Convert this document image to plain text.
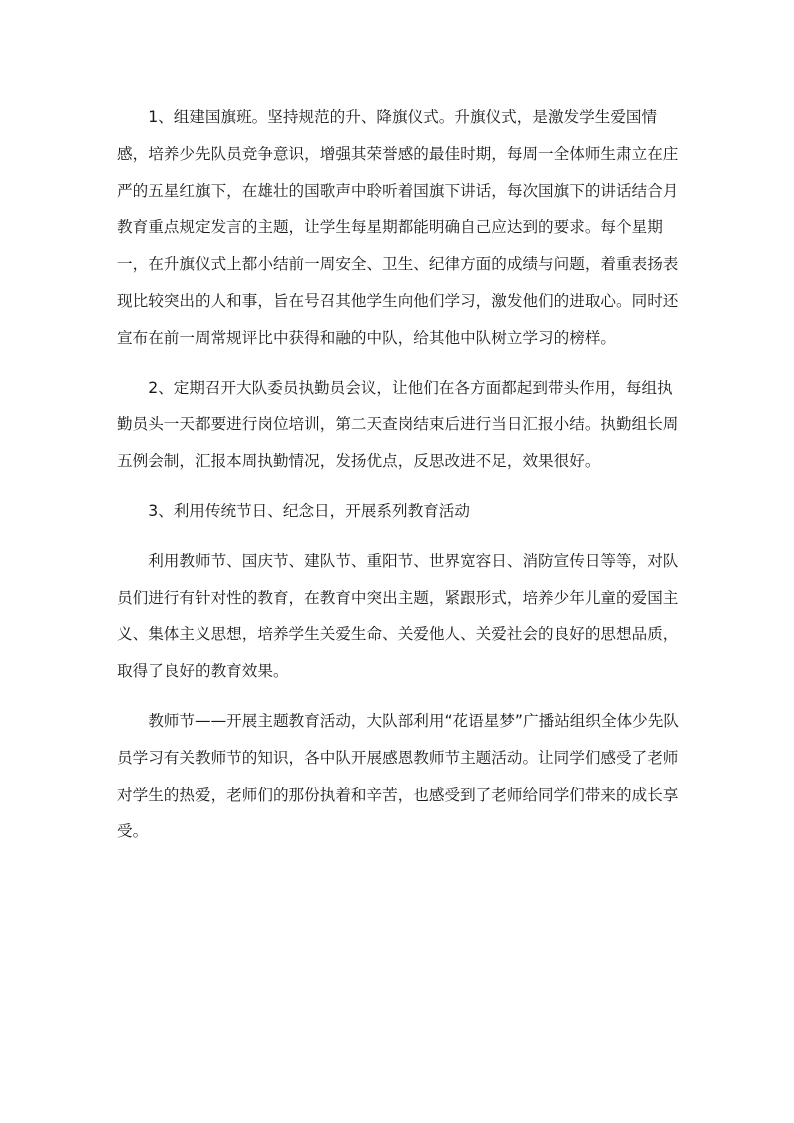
1、组建国旗班。坚持规范的升、降旗仪式。升旗仪式，是激发学生爱国情感，培养少先队员竞争意识，增强其荣誉感的最佳时期，每周一全体师生肃立在庄严的五星红旗下，在雄壮的国歌声中聆听着国旗下讲话，每次国旗下的讲话结合月教育重点规定发言的主题，让学生每星期都能明确自己应达到的要求。每个星期一，在升旗仪式上都小结前一周安全、卫生、纪律方面的成绩与问题，着重表扬表现比较突出的人和事，旨在号召其他学生向他们学习，激发他们的进取心。同时还宣布在前一周常规评比中获得和融的中队，给其他中队树立学习的榜样。

2、定期召开大队委员执勤员会议，让他们在各方面都起到带头作用，每组执勤员头一天都要进行岗位培训，第二天查岗结束后进行当日汇报小结。执勤组长周五例会制，汇报本周执勤情况，发扬优点，反思改进不足，效果很好。

3、利用传统节日、纪念日，开展系列教育活动

利用教师节、国庆节、建队节、重阳节、世界宽容日、消防宣传日等等，对队员们进行有针对性的教育，在教育中突出主题，紧跟形式，培养少年儿童的爱国主义、集体主义思想，培养学生关爱生命、关爱他人、关爱社会的良好的思想品质，取得了良好的教育效果。

教师节——开展主题教育活动，大队部利用“花语星梦”广播站组织全体少先队员学习有关教师节的知识，各中队开展感恩教师节主题活动。让同学们感受了老师对学生的热爱，老师们的那份执着和辛苦，也感受到了老师给同学们带来的成长享受。
